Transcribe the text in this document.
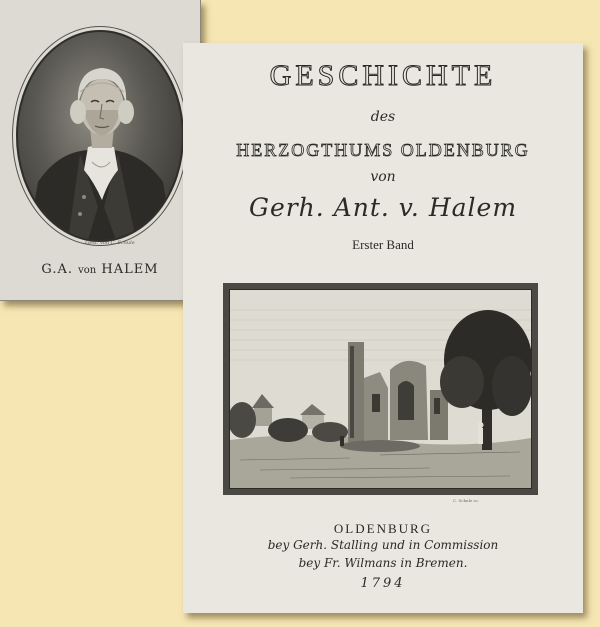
Gest. von C. Schule
G.A. von HALEM
GESCHICHTE
des
HERZOGTHUMS OLDENBURG
von
Gerh. Ant. v. Halem
Erster Band
C. Schule sc.
OLDENBURG
bey Gerh. Stalling und in Commission
bey Fr. Wilmans in Bremen.
1794
